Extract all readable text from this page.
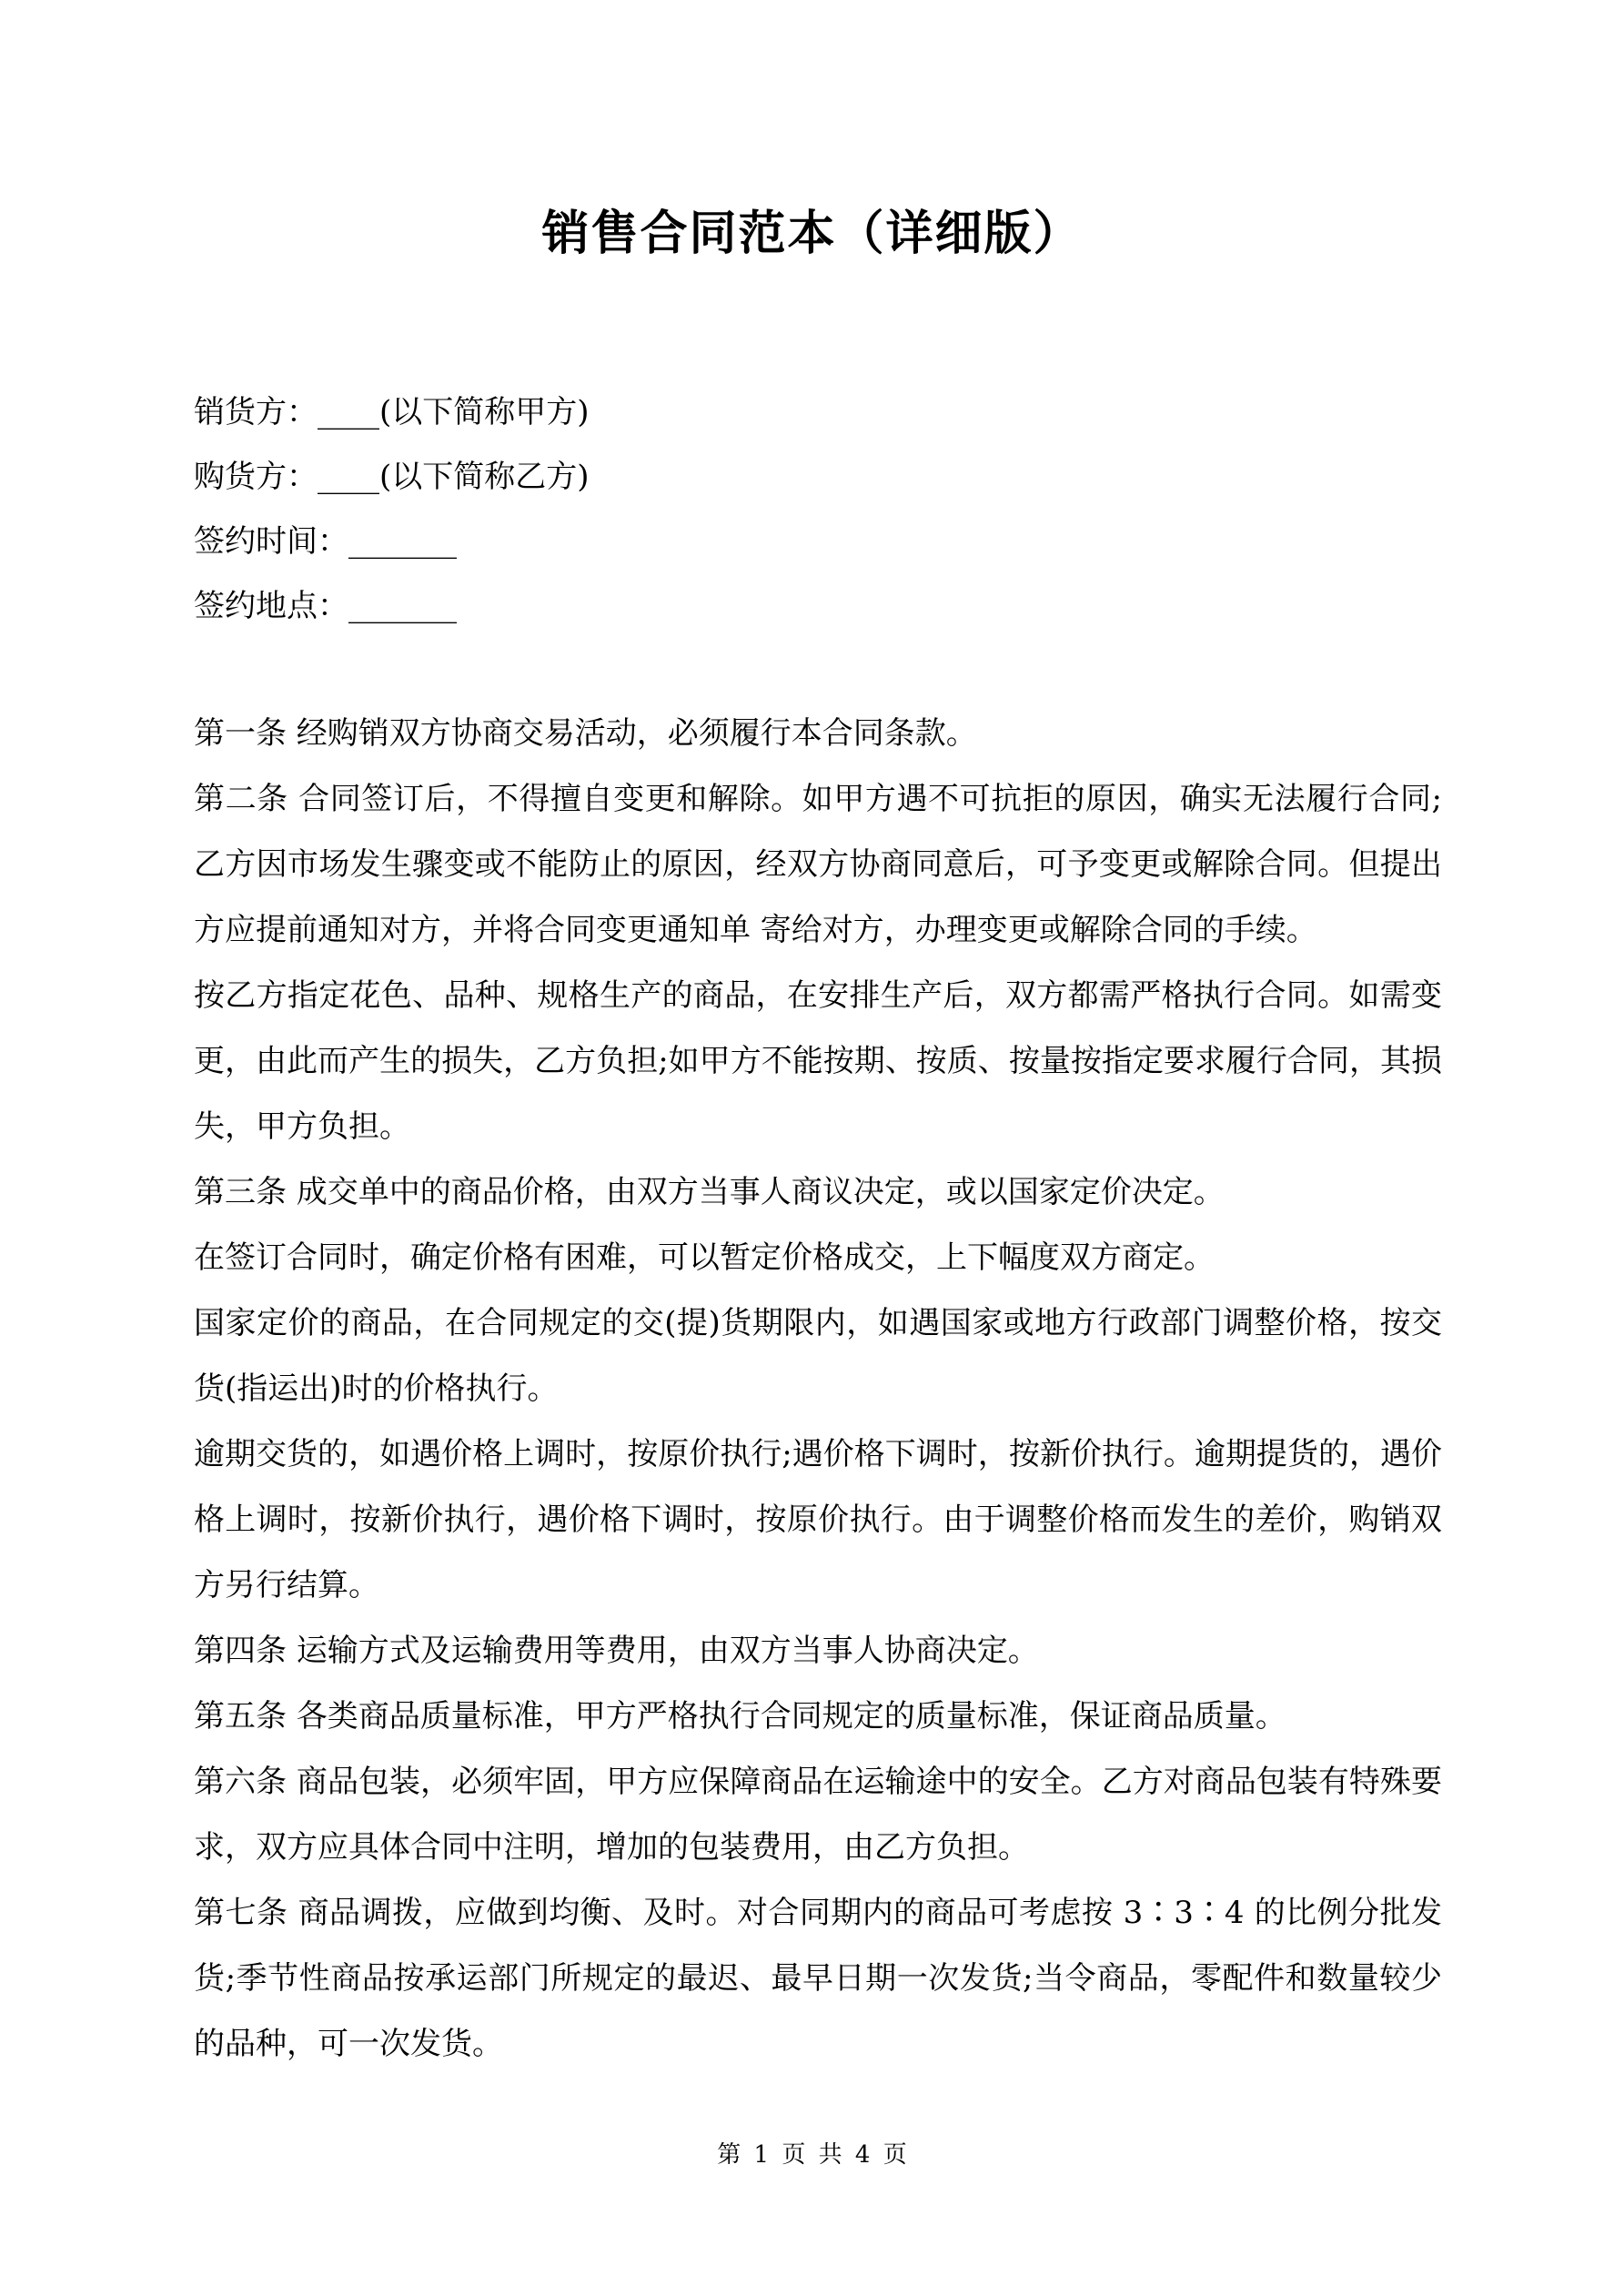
销售合同范本（详细版）
销货方：____(以下简称甲方)
购货方：____(以下简称乙方)
签约时间：_______
签约地点：_______

第一条 经购销双方协商交易活动，必须履行本合同条款。

第二条 合同签订后，不得擅自变更和解除。如甲方遇不可抗拒的原因，确实无法履行合同;乙方因市场发生骤变或不能防止的原因，经双方协商同意后，可予变更或解除合同。但提出方应提前通知对方，并将合同变更通知单 寄给对方，办理变更或解除合同的手续。

按乙方指定花色、品种、规格生产的商品，在安排生产后，双方都需严格执行合同。如需变更，由此而产生的损失，乙方负担;如甲方不能按期、按质、按量按指定要求履行合同，其损失，甲方负担。

第三条 成交单中的商品价格，由双方当事人商议决定，或以国家定价决定。

在签订合同时，确定价格有困难，可以暂定价格成交，上下幅度双方商定。

国家定价的商品，在合同规定的交(提)货期限内，如遇国家或地方行政部门调整价格，按交货(指运出)时的价格执行。

逾期交货的，如遇价格上调时，按原价执行;遇价格下调时，按新价执行。逾期提货的，遇价格上调时，按新价执行，遇价格下调时，按原价执行。由于调整价格而发生的差价，购销双方另行结算。

第四条 运输方式及运输费用等费用，由双方当事人协商决定。

第五条 各类商品质量标准，甲方严格执行合同规定的质量标准，保证商品质量。

第六条 商品包装，必须牢固，甲方应保障商品在运输途中的安全。乙方对商品包装有特殊要求，双方应具体合同中注明，增加的包装费用，由乙方负担。

第七条 商品调拨，应做到均衡、及时。对合同期内的商品可考虑按 3∶3∶4 的比例分批发货;季节性商品按承运部门所规定的最迟、最早日期一次发货;当令商品，零配件和数量较少的品种，可一次发货。

第 1 页 共 4 页
